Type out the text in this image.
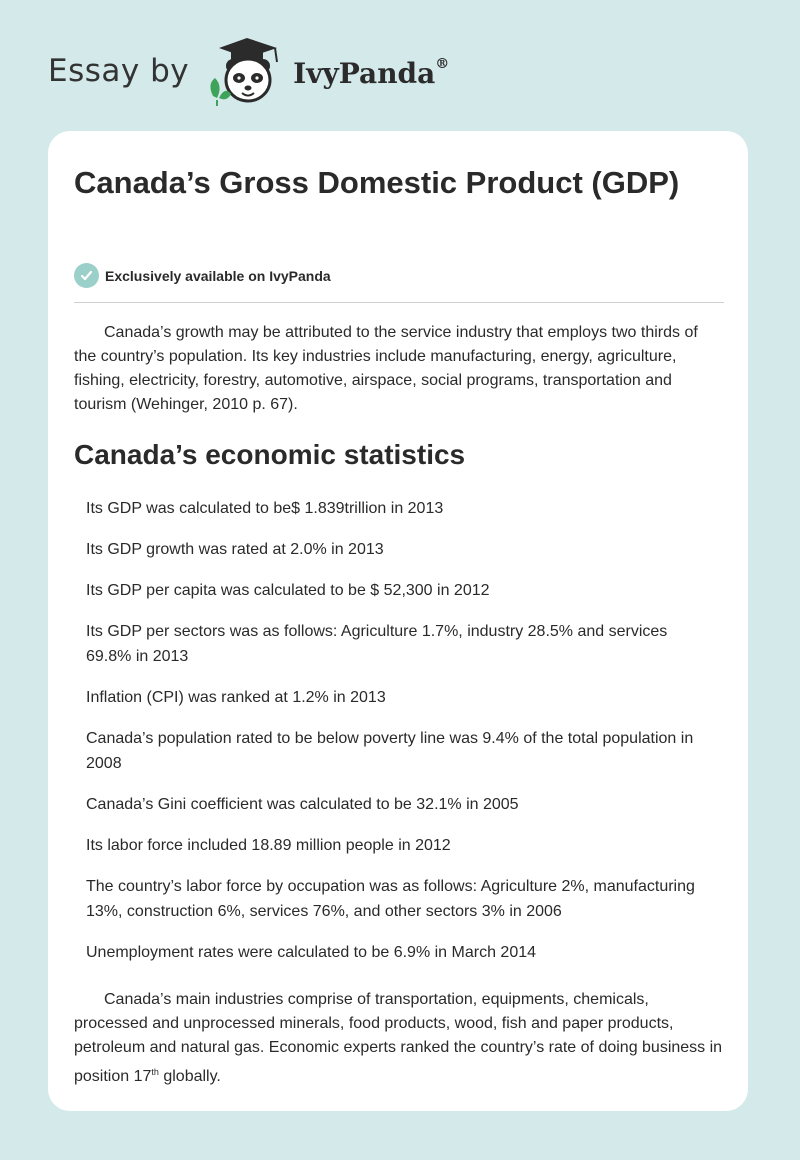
Essay by	IvyPanda®
Canada’s Gross Domestic Product (GDP)
Exclusively available on IvyPanda

Canada’s growth may be attributed to the service industry that employs two thirds of the country’s population. Its key industries include manufacturing, energy, agriculture, fishing, electricity, forestry, automotive, airspace, social programs, transportation and tourism (Wehinger, 2010 p. 67).

Canada’s economic statistics
Its GDP was calculated to be$ 1.839trillion in 2013
Its GDP growth was rated at 2.0% in 2013
Its GDP per capita was calculated to be $ 52,300 in 2012
Its GDP per sectors was as follows: Agriculture 1.7%, industry 28.5% and services 69.8% in 2013
Inflation (CPI) was ranked at 1.2% in 2013
Canada’s population rated to be below poverty line was 9.4% of the total population in 2008
Canada’s Gini coefficient was calculated to be 32.1% in 2005
Its labor force included 18.89 million people in 2012
The country’s labor force by occupation was as follows: Agriculture 2%, manufacturing 13%, construction 6%, services 76%, and other sectors 3% in 2006
Unemployment rates were calculated to be 6.9% in March 2014

Canada’s main industries comprise of transportation, equipments, chemicals, processed and unprocessed minerals, food products, wood, fish and paper products, petroleum and natural gas. Economic experts ranked the country’s rate of doing business in position 17th globally.
